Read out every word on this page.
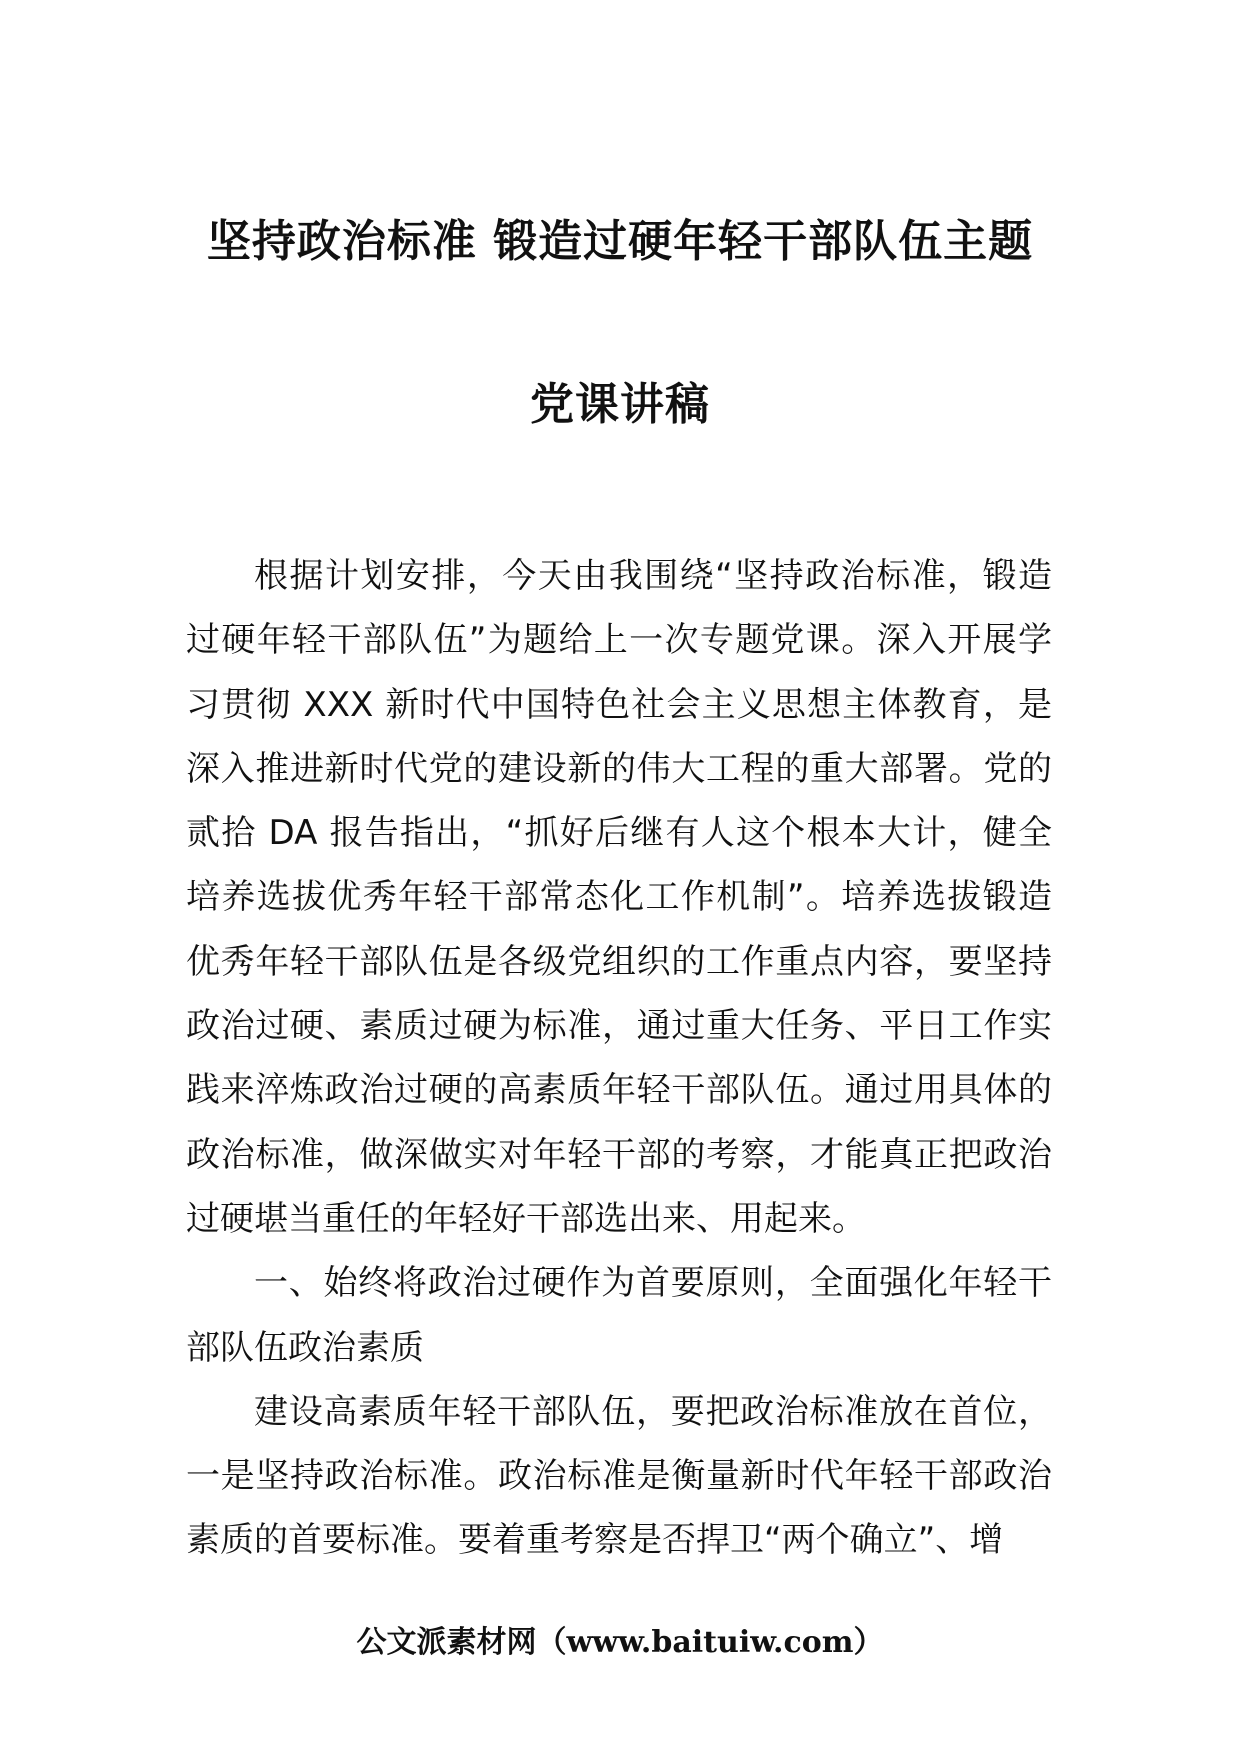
坚持政治标准 锻造过硬年轻干部队伍主题
党课讲稿

根据计划安排，今天由我围绕“坚持政治标准，锻造过硬年轻干部队伍”为题给上一次专题党课。深入开展学习贯彻 XXX 新时代中国特色社会主义思想主体教育，是深入推进新时代党的建设新的伟大工程的重大部署。党的贰拾 DA 报告指出，“抓好后继有人这个根本大计，健全培养选拔优秀年轻干部常态化工作机制”。培养选拔锻造优秀年轻干部队伍是各级党组织的工作重点内容，要坚持政治过硬、素质过硬为标准，通过重大任务、平日工作实践来淬炼政治过硬的高素质年轻干部队伍。通过用具体的政治标准，做深做实对年轻干部的考察，才能真正把政治过硬堪当重任的年轻好干部选出来、用起来。

一、始终将政治过硬作为首要原则，全面强化年轻干部队伍政治素质

建设高素质年轻干部队伍，要把政治标准放在首位，一是坚持政治标准。政治标准是衡量新时代年轻干部政治素质的首要标准。要着重考察是否捍卫“两个确立”、增

公文派素材网（www.baituiw.com）
